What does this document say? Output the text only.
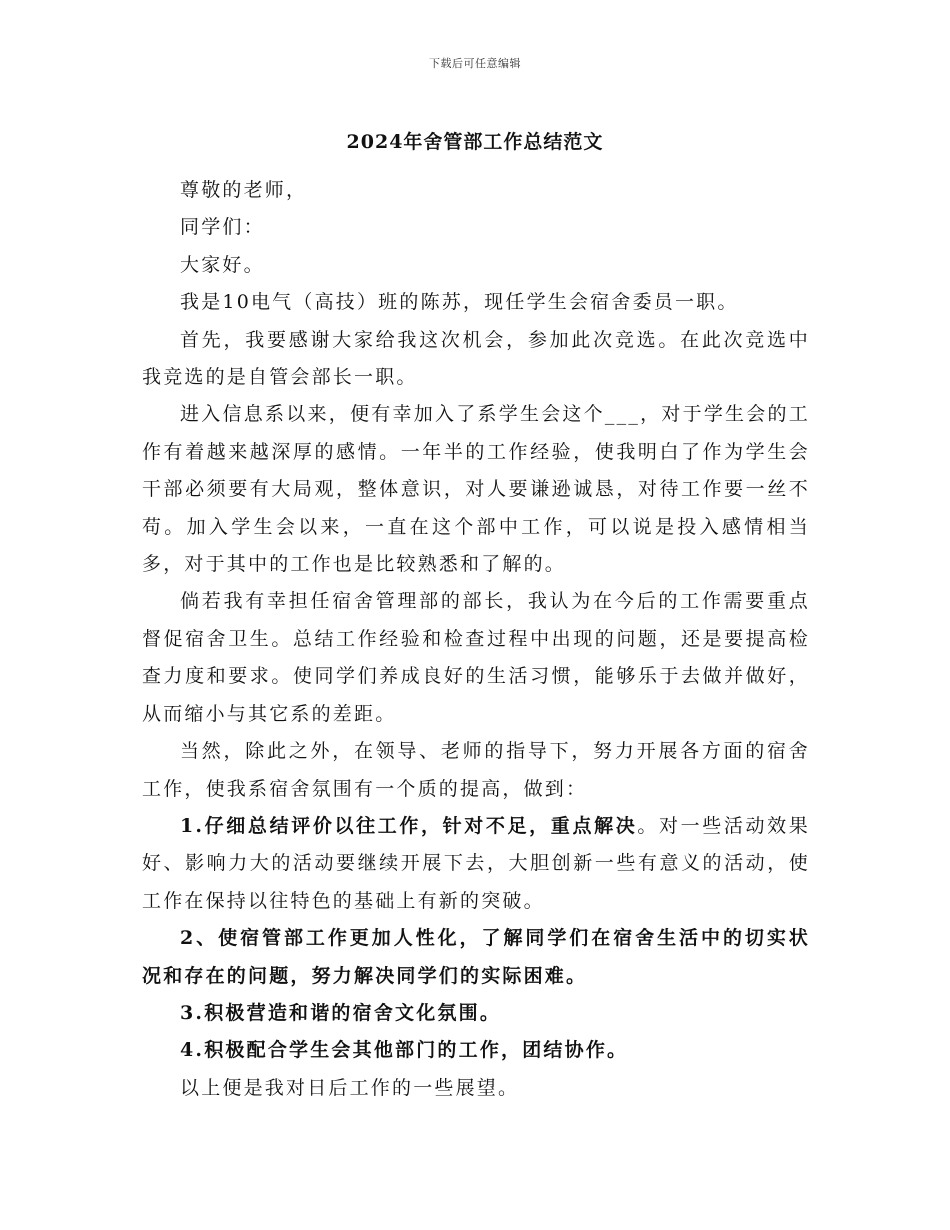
下载后可任意编辑
2024年舍管部工作总结范文

尊敬的老师，

同学们：

大家好。

我是10电气（高技）班的陈苏，现任学生会宿舍委员一职。

首先，我要感谢大家给我这次机会，参加此次竞选。在此次竞选中我竞选的是自管会部长一职。

进入信息系以来，便有幸加入了系学生会这个___，对于学生会的工作有着越来越深厚的感情。一年半的工作经验，使我明白了作为学生会干部必须要有大局观，整体意识，对人要谦逊诚恳，对待工作要一丝不苟。加入学生会以来，一直在这个部中工作，可以说是投入感情相当多，对于其中的工作也是比较熟悉和了解的。

倘若我有幸担任宿舍管理部的部长，我认为在今后的工作需要重点督促宿舍卫生。总结工作经验和检查过程中出现的问题，还是要提高检查力度和要求。使同学们养成良好的生活习惯，能够乐于去做并做好，从而缩小与其它系的差距。

当然，除此之外，在领导、老师的指导下，努力开展各方面的宿舍工作，使我系宿舍氛围有一个质的提高，做到：

1.仔细总结评价以往工作，针对不足，重点解决。对一些活动效果好、影响力大的活动要继续开展下去，大胆创新一些有意义的活动，使工作在保持以往特色的基础上有新的突破。

2、使宿管部工作更加人性化，了解同学们在宿舍生活中的切实状况和存在的问题，努力解决同学们的实际困难。

3.积极营造和谐的宿舍文化氛围。

4.积极配合学生会其他部门的工作，团结协作。

以上便是我对日后工作的一些展望。
